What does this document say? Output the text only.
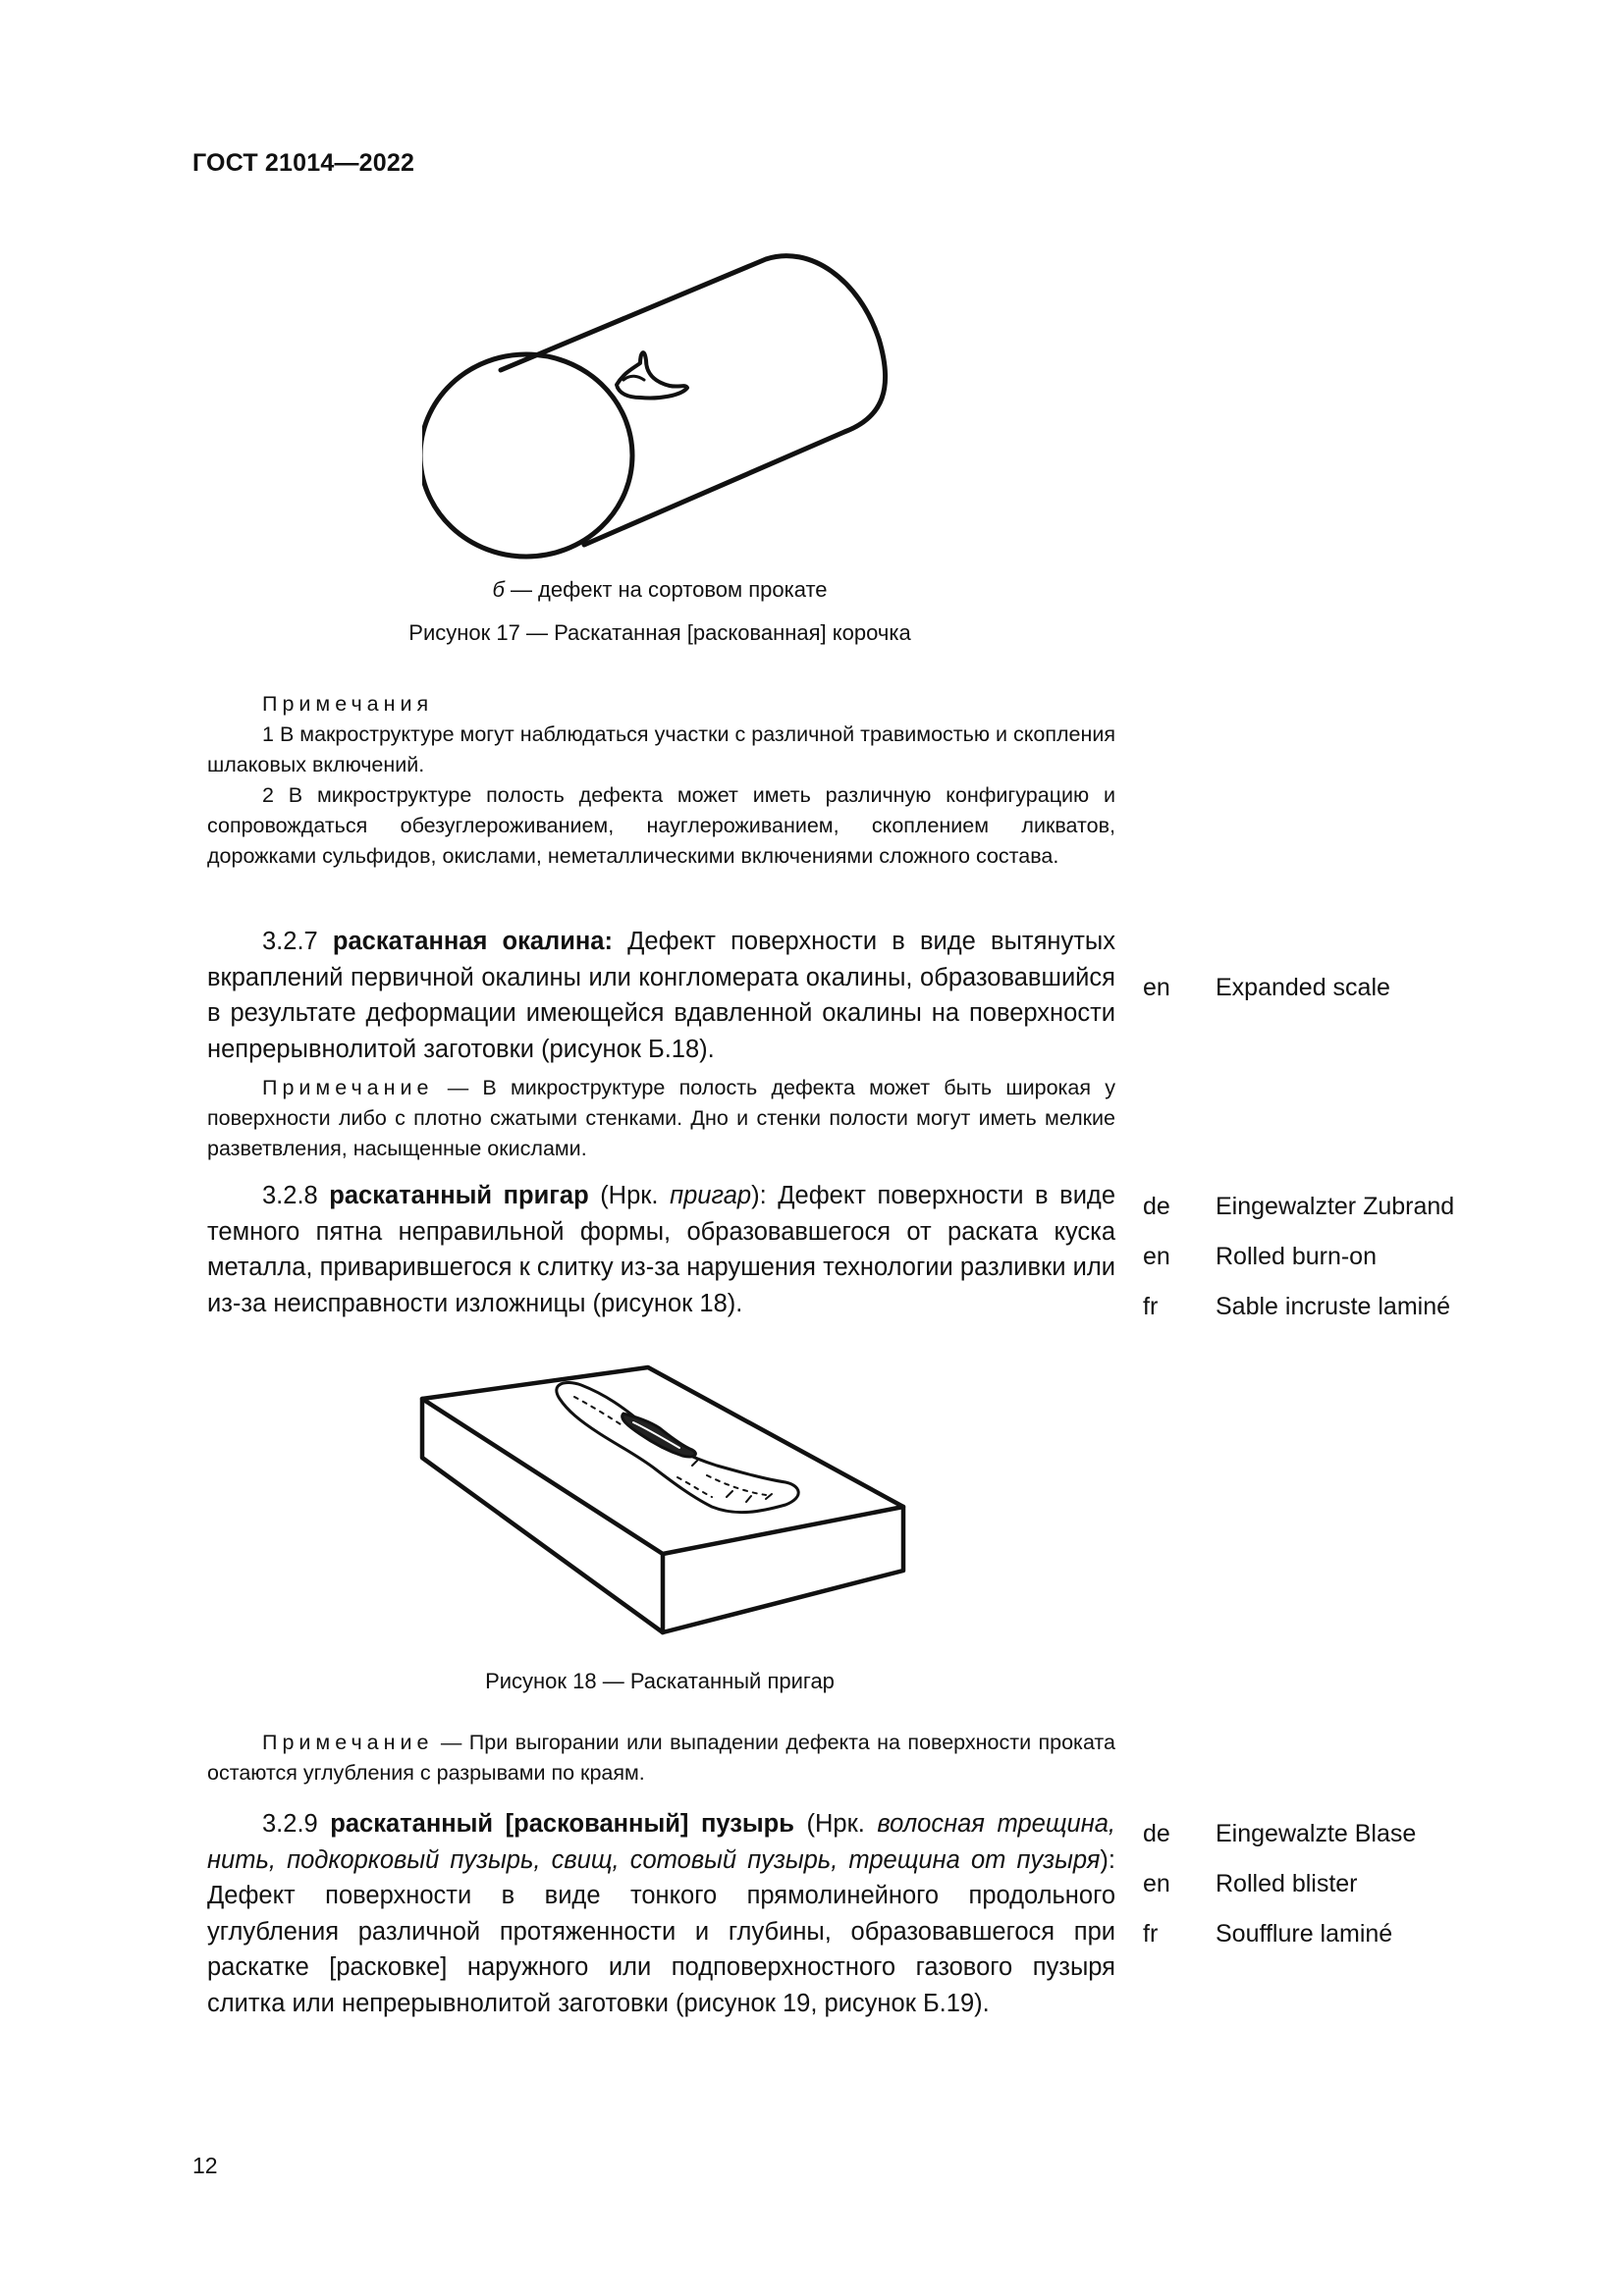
ГОСТ 21014—2022
б — дефект на сортовом прокате
Рисунок 17 — Раскатанная [раскованная] корочка

Примечания

1 В макроструктуре могут наблюдаться участки с различной травимостью и скопления шлаковых включений.

2 В микроструктуре полость дефекта может иметь различную конфигурацию и сопровождаться обезуглероживанием, науглероживанием, скоплением ликватов, дорожками сульфидов, окислами, неметаллическими включениями сложного состава.

3.2.7 раскатанная окалина: Дефект поверхности в виде вытянутых вкраплений первичной окалины или конгломерата окалины, образовавшийся в результате деформации имеющейся вдавленной окалины на поверхности непрерывнолитой заготовки (рисунок Б.18).

en	Expanded scale

Примечание — В микроструктуре полость дефекта может быть широкая у поверхности либо с плотно сжатыми стенками. Дно и стенки полости могут иметь мелкие разветвления, насыщенные окислами.

3.2.8 раскатанный пригар (Нрк. пригар): Дефект поверхности в виде темного пятна неправильной формы, образовавшегося от раската куска металла, приварившегося к слитку из-за нарушения технологии разливки или из-за неисправности изложницы (рисунок 18).

de	Eingewalzter Zubrand
en	Rolled burn-on
fr	Sable incruste laminé
Рисунок 18 — Раскатанный пригар

Примечание — При выгорании или выпадении дефекта на поверхности проката остаются углубления с разрывами по краям.

3.2.9 раскатанный [раскованный] пузырь (Нрк. волосная трещина, нить, подкорковый пузырь, свищ, сотовый пузырь, трещина от пузыря): Дефект поверхности в виде тонкого прямолинейного продольного углубления различной протяженности и глубины, образовавшегося при раскатке [расковке] наружного или подповерхностного газового пузыря слитка или непрерывнолитой заготовки (рисунок 19, рисунок Б.19).

de	Eingewalzte Blase
en	Rolled blister
fr	Soufflure laminé
12
